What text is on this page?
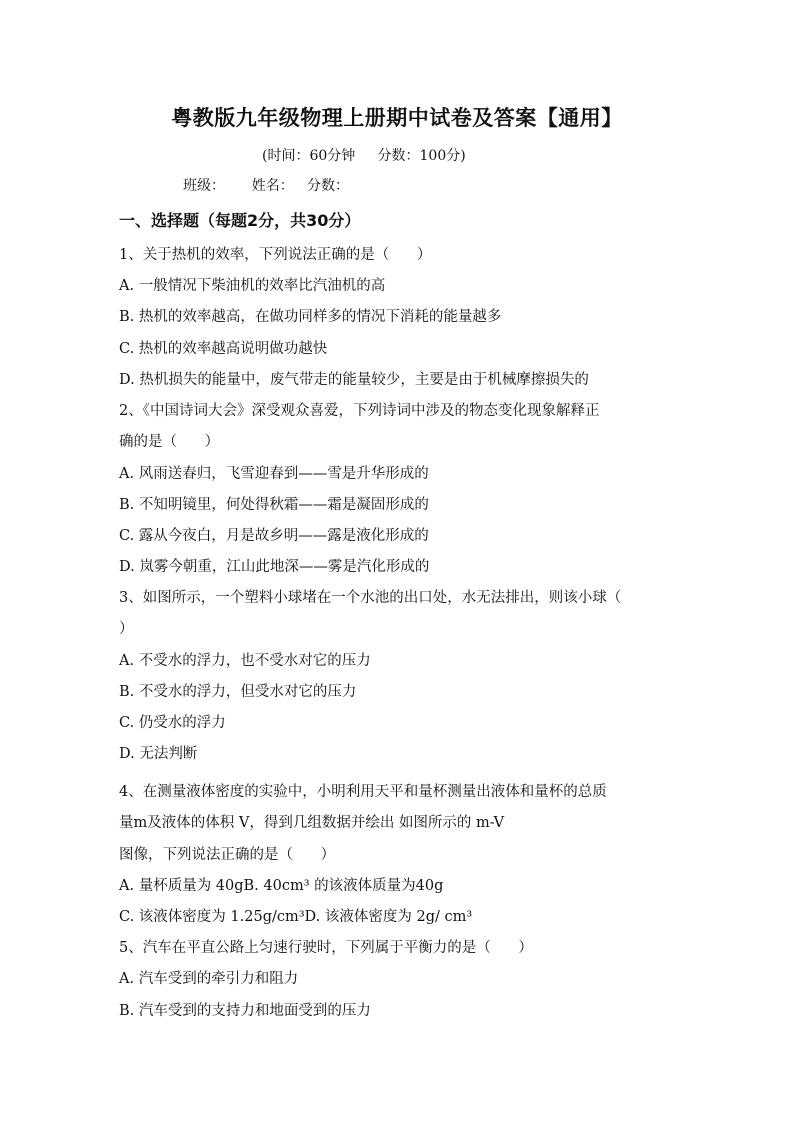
粤教版九年级物理上册期中试卷及答案【通用】
(时间：60分钟     分数：100分)
班级：      姓名：   分数：
一、选择题（每题2分，共30分）
1、关于热机的效率，下列说法正确的是（      ）
A. 一般情况下柴油机的效率比汽油机的高
B. 热机的效率越高，在做功同样多的情况下消耗的能量越多
C. 热机的效率越高说明做功越快
D. 热机损失的能量中，废气带走的能量较少，主要是由于机械摩擦损失的
2、《中国诗词大会》深受观众喜爱，下列诗词中涉及的物态变化现象解释正
确的是（      ）
A. 风雨送春归，飞雪迎春到——雪是升华形成的
B. 不知明镜里，何处得秋霜——霜是凝固形成的
C. 露从今夜白，月是故乡明——露是液化形成的
D. 岚雾今朝重，江山此地深——雾是汽化形成的
3、如图所示，一个塑料小球堵在一个水池的出口处，水无法排出，则该小球（
）
A. 不受水的浮力，也不受水对它的压力
B. 不受水的浮力，但受水对它的压力
C. 仍受水的浮力
D. 无法判断
4、在测量液体密度的实验中，小明利用天平和量杯测量出液体和量杯的总质
量m及液体的体积 V，得到几组数据并绘出 如图所示的 m-V
图像，下列说法正确的是（      ）
A. 量杯质量为 40gB. 40cm³ 的该液体质量为40g
C. 该液体密度为 1.25g/cm³D. 该液体密度为 2g/ cm³
5、汽车在平直公路上匀速行驶时，下列属于平衡力的是（      ）
A. 汽车受到的牵引力和阻力
B. 汽车受到的支持力和地面受到的压力
